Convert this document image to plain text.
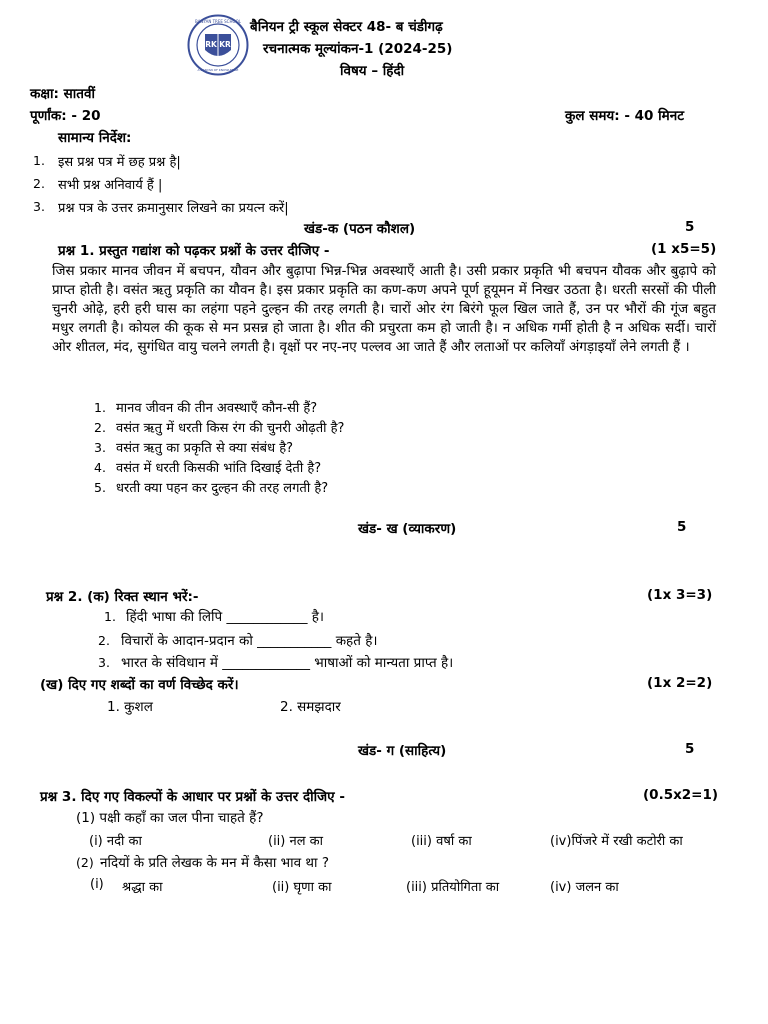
RK KR
BANYAN TREE SCHOOL
A BANYAN OF KNOWLEDGE
बैनियन ट्री स्कूल सेक्टर 48- ब चंडीगढ़
रचनात्मक मूल्यांकन-1 (2024-25)
विषय – हिंदी
कक्षा: सातवीं
पूर्णांक: - 20	कुल समय: - 40 मिनट
सामान्य निर्देश:
1. इस प्रश्न पत्र में छह प्रश्न है|
2. सभी प्रश्न अनिवार्य हैं |
3. प्रश्न पत्र के उत्तर क्रमानुसार लिखने का प्रयत्न करें|
खंड-क (पठन कौशल)	5
प्रश्न 1. प्रस्तुत गद्यांश को पढ़कर प्रश्नों के उत्तर दीजिए -	(1 x5=5)
जिस प्रकार मानव जीवन में बचपन, यौवन और बुढ़ापा भिन्न-भिन्न अवस्थाएँ आती है। उसी प्रकार प्रकृति भी बचपन यौवक और बुढ़ापे को प्राप्त होती है। वसंत ऋतु प्रकृति का यौवन है। इस प्रकार प्रकृति का कण-कण अपने पूर्ण हूयूमन में निखर उठता है। धरती सरसों की पीली चुनरी ओढ़े, हरी हरी घास का लहंगा पहने दुल्हन की तरह लगती है। चारों ओर रंग बिरंगे फूल खिल जाते हैं, उन पर भौरों की गूंज बहुत मधुर लगती है। कोयल की कूक से मन प्रसन्न हो जाता है। शीत की प्रचुरता कम हो जाती है। न अधिक गर्मी होती है न अधिक सर्दी। चारों ओर शीतल, मंद, सुगंधित वायु चलने लगती है। वृक्षों पर नए-नए पल्लव आ जाते हैं और लताओं पर कलियाँ अंगड़ाइयाँ लेने लगती हैं ।
1. मानव जीवन की तीन अवस्थाएँ कौन-सी हैं?
2. वसंत ऋतु में धरती किस रंग की चुनरी ओढ़ती है?
3. वसंत ऋतु का प्रकृति से क्या संबंध है?
4. वसंत में धरती किसकी भांति दिखाई देती है?
5. धरती क्या पहन कर दुल्हन की तरह लगती है?
खंड- ख (व्याकरण)	5
प्रश्न 2. (क) रिक्त स्थान भरें:-	(1x 3=3)
1. हिंदी भाषा की लिपि ____________ है।
2. विचारों के आदान-प्रदान को ___________ कहते है।
3. भारत के संविधान में _____________ भाषाओं को मान्यता प्राप्त है।
(ख) दिए गए शब्दों का वर्ण विच्छेद करें।	(1x 2=2)
1. कुशल	2. समझदार
खंड- ग (साहित्य)	5
प्रश्न 3. दिए गए विकल्पों के आधार पर प्रश्नों के उत्तर दीजिए -	(0.5x2=1)
(1) पक्षी कहाँ का जल पीना चाहते हैं?
(i) नदी का	(ii) नल का	(iii) वर्षा का	(iv)पिंजरे में रखी कटोरी का
(2) नदियों के प्रति लेखक के मन में कैसा भाव था ?
(i) श्रद्धा का	(ii) घृणा का	(iii) प्रतियोगिता का	(iv) जलन का
